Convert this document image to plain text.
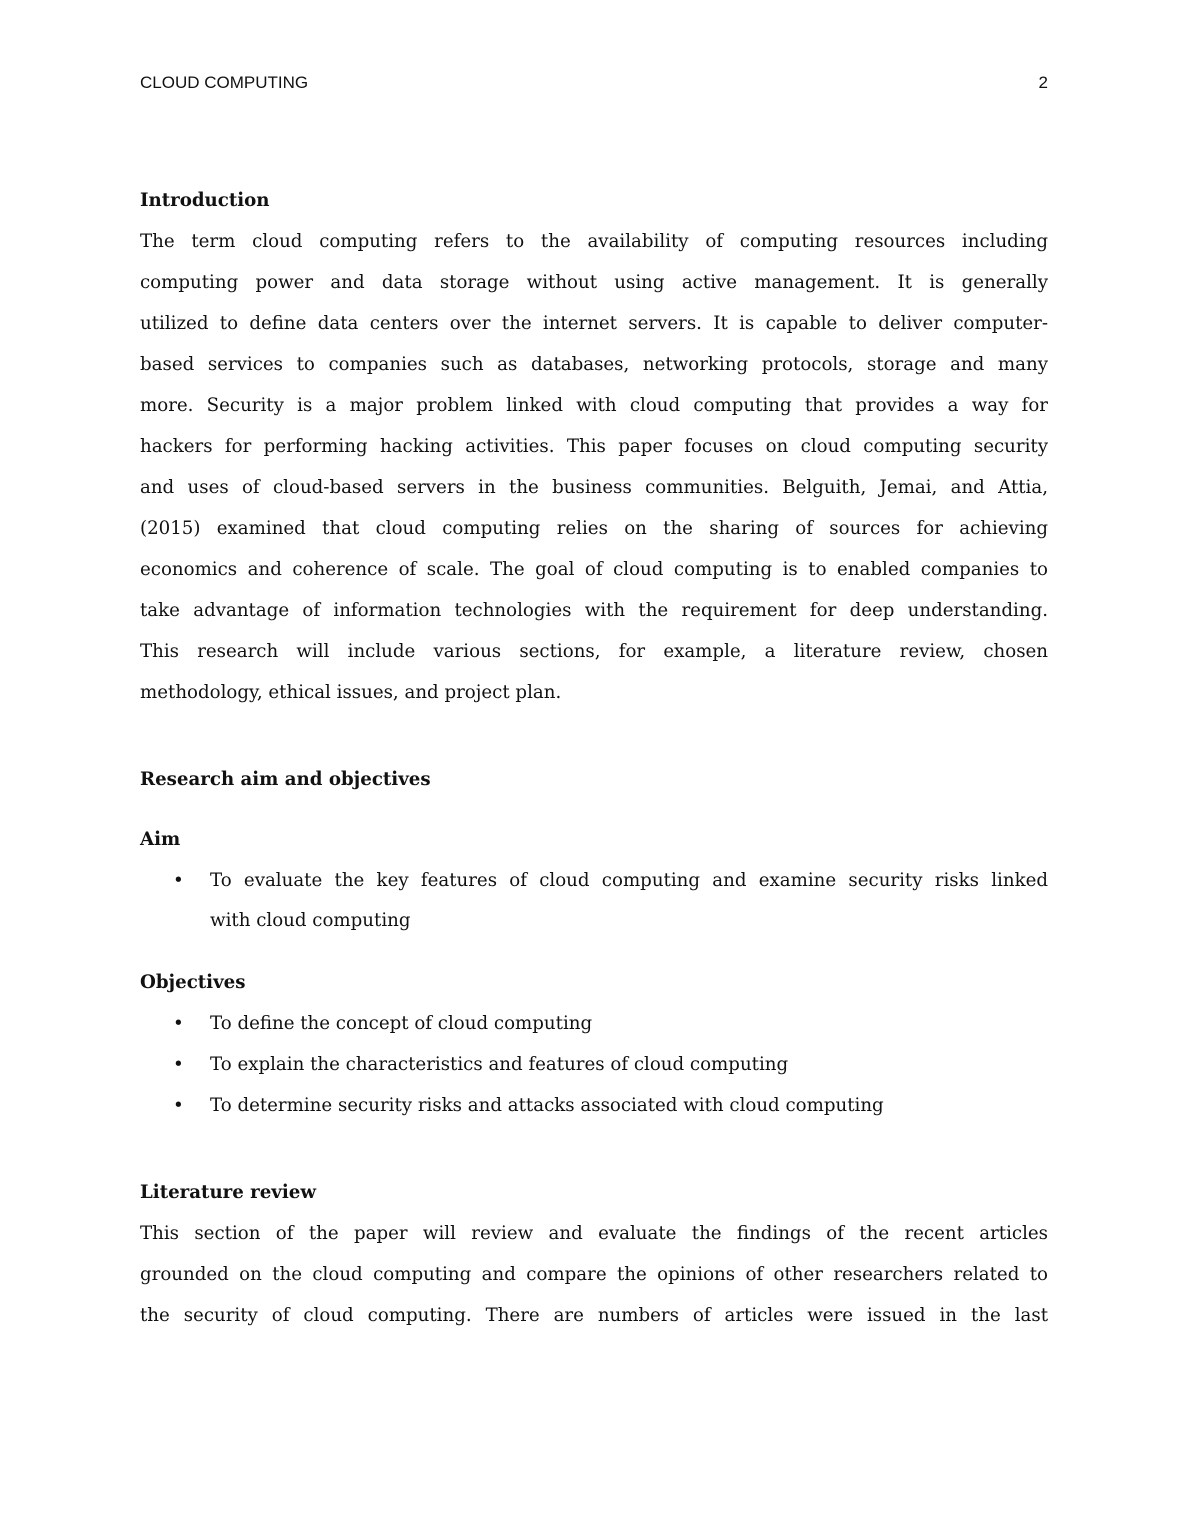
CLOUD COMPUTING	2
Introduction
The term cloud computing refers to the availability of computing resources including
computing power and data storage without using active management. It is generally
utilized to define data centers over the internet servers. It is capable to deliver computer-
based services to companies such as databases, networking protocols, storage and many
more. Security is a major problem linked with cloud computing that provides a way for
hackers for performing hacking activities. This paper focuses on cloud computing security
and uses of cloud-based servers in the business communities. Belguith, Jemai, and Attia,
(2015) examined that cloud computing relies on the sharing of sources for achieving
economics and coherence of scale. The goal of cloud computing is to enabled companies to
take advantage of information technologies with the requirement for deep understanding.
This research will include various sections, for example, a literature review, chosen
methodology, ethical issues, and project plan.
Research aim and objectives
Aim
• To evaluate the key features of cloud computing and examine security risks linked
with cloud computing
Objectives
• To define the concept of cloud computing
• To explain the characteristics and features of cloud computing
• To determine security risks and attacks associated with cloud computing
Literature review
This section of the paper will review and evaluate the findings of the recent articles
grounded on the cloud computing and compare the opinions of other researchers related to
the security of cloud computing. There are numbers of articles were issued in the last
